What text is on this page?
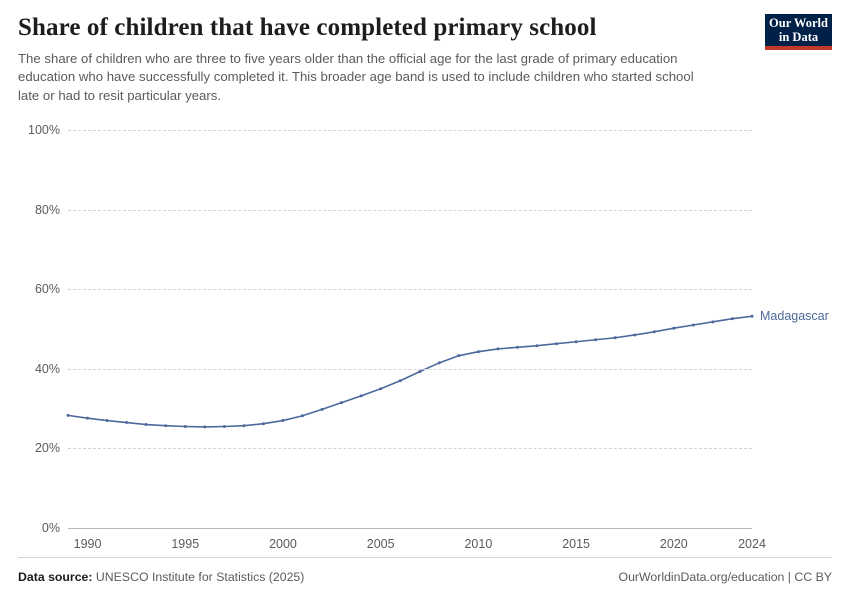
Share of children that have completed primary school

The share of children who are three to five years older than the official age for the last grade of primary education education who have successfully completed it. This broader age band is used to include children who started school late or had to resit particular years.

Our World
in Data
0%
20%
40%
60%
80%
100%
1990	1995	2000	2005	2010	2015	2020	2024
Madagascar
Data source: UNESCO Institute for Statistics (2025)	OurWorldinData.org/education | CC BY
